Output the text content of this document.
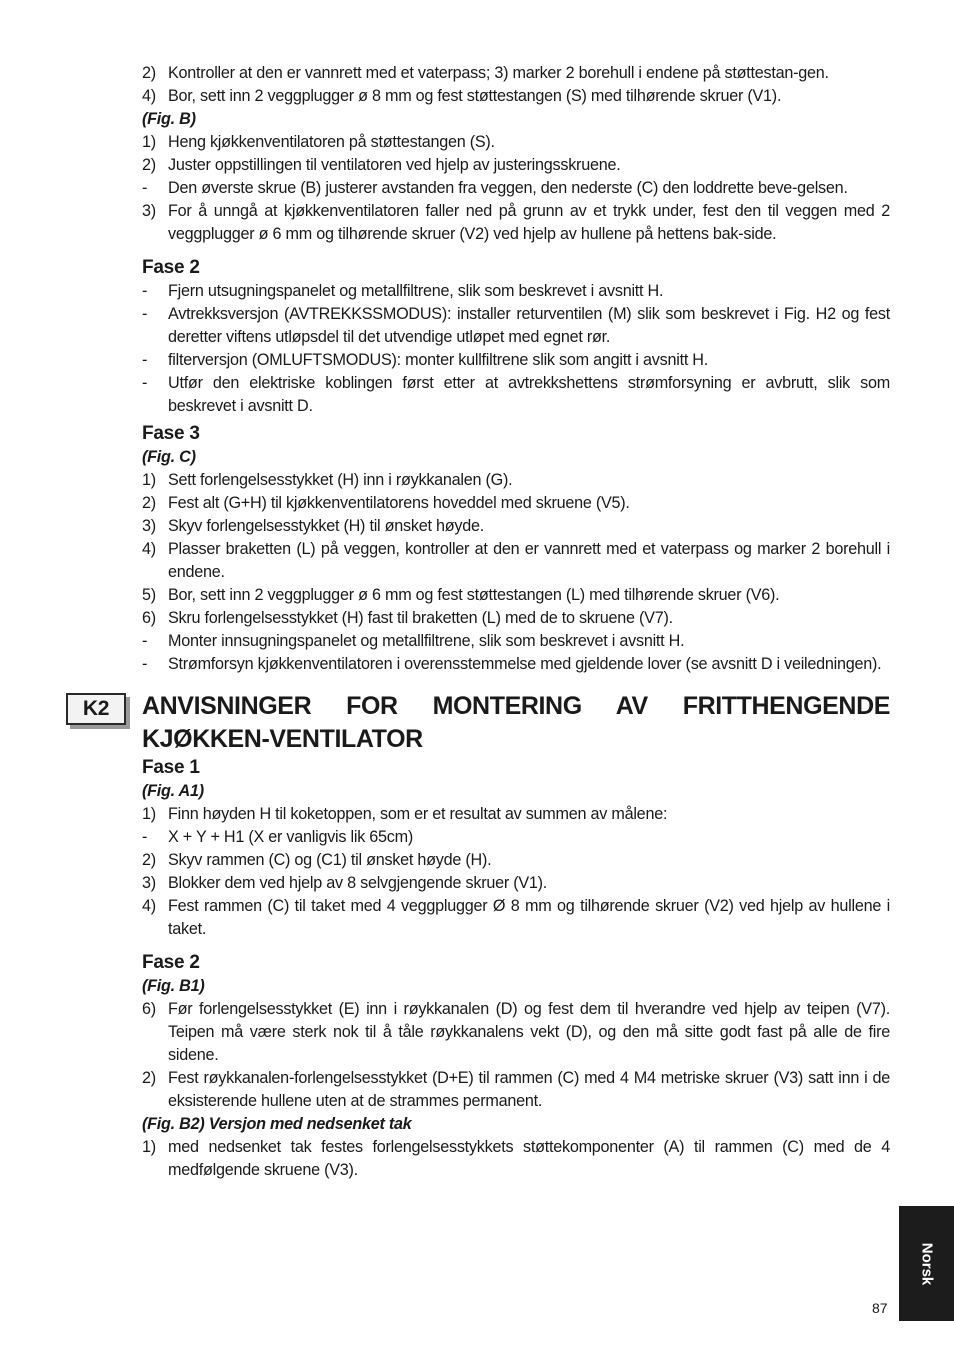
2) Kontroller at den er vannrett med et vaterpass; 3) marker 2 borehull i endene på støttestan-gen.
4) Bor, sett inn 2 veggplugger ø 8 mm og fest støttestangen (S) med tilhørende skruer (V1).
(Fig. B)
1) Heng kjøkkenventilatoren på støttestangen (S).
2) Juster oppstillingen til ventilatoren ved hjelp av justeringsskruene.
-	Den øverste skrue (B) justerer avstanden fra veggen, den nederste (C) den loddrette beve-gelsen.
3) For å unngå at kjøkkenventilatoren faller ned på grunn av et trykk under, fest den til veggen med 2 veggplugger ø 6 mm og tilhørende skruer (V2) ved hjelp av hullene på hettens bak-side.
Fase 2
-	Fjern utsugningspanelet og metallfiltrene, slik som beskrevet i avsnitt H.
-	Avtrekksversjon (AVTREKKSSMODUS): installer returventilen (M) slik som beskrevet i Fig. H2 og fest deretter viftens utløpsdel til det utvendige utløpet med egnet rør.
-	filterversjon (OMLUFTSMODUS): monter kullfiltrene slik som angitt i avsnitt H.
-	Utfør den elektriske koblingen først etter at avtrekkshettens strømforsyning er avbrutt, slik som beskrevet i avsnitt D.
Fase 3
(Fig. C)
1) Sett forlengelsesstykket (H) inn i røykkanalen (G).
2) Fest alt (G+H) til kjøkkenventilatorens hoveddel med skruene (V5).
3) Skyv forlengelsesstykket (H) til ønsket høyde.
4) Plasser braketten (L) på veggen, kontroller at den er vannrett med et vaterpass og marker 2 borehull i endene.
5) Bor, sett inn 2 veggplugger ø 6 mm og fest støttestangen (L) med tilhørende skruer (V6).
6) Skru forlengelsesstykket (H) fast til braketten (L) med de to skruene (V7).
-	Monter innsugningspanelet og metallfiltrene, slik som beskrevet i avsnitt H.
-	Strømforsyn kjøkkenventilatoren i overensstemmelse med gjeldende lover (se avsnitt D i veiledningen).
K2	ANVISNINGER FOR MONTERING AV FRITTHENGENDE KJØKKEN-VENTILATOR
Fase 1
(Fig. A1)
1) Finn høyden H til koketoppen, som er et resultat av summen av målene:
-	X + Y + H1 (X er vanligvis lik 65cm)
2) Skyv rammen (C) og (C1) til ønsket høyde (H).
3) Blokker dem ved hjelp av 8 selvgjengende skruer (V1).
4) Fest rammen (C) til taket med 4 veggplugger Ø 8 mm og tilhørende skruer (V2) ved hjelp av hullene i taket.
Fase 2
(Fig. B1)
6) Før forlengelsesstykket (E) inn i røykkanalen (D) og fest dem til hverandre ved hjelp av teipen (V7). Teipen må være sterk nok til å tåle røykkanalens vekt (D), og den må sitte godt fast på alle de fire sidene.
2) Fest røykkanalen-forlengelsesstykket (D+E) til rammen (C) med 4 M4 metriske skruer (V3) satt inn i de eksisterende hullene uten at de strammes permanent.
(Fig. B2) Versjon med nedsenket tak
1) med nedsenket tak festes forlengelsesstykkets støttekomponenter (A) til rammen (C) med de 4 medfølgende skruene (V3).
Norsk
87
